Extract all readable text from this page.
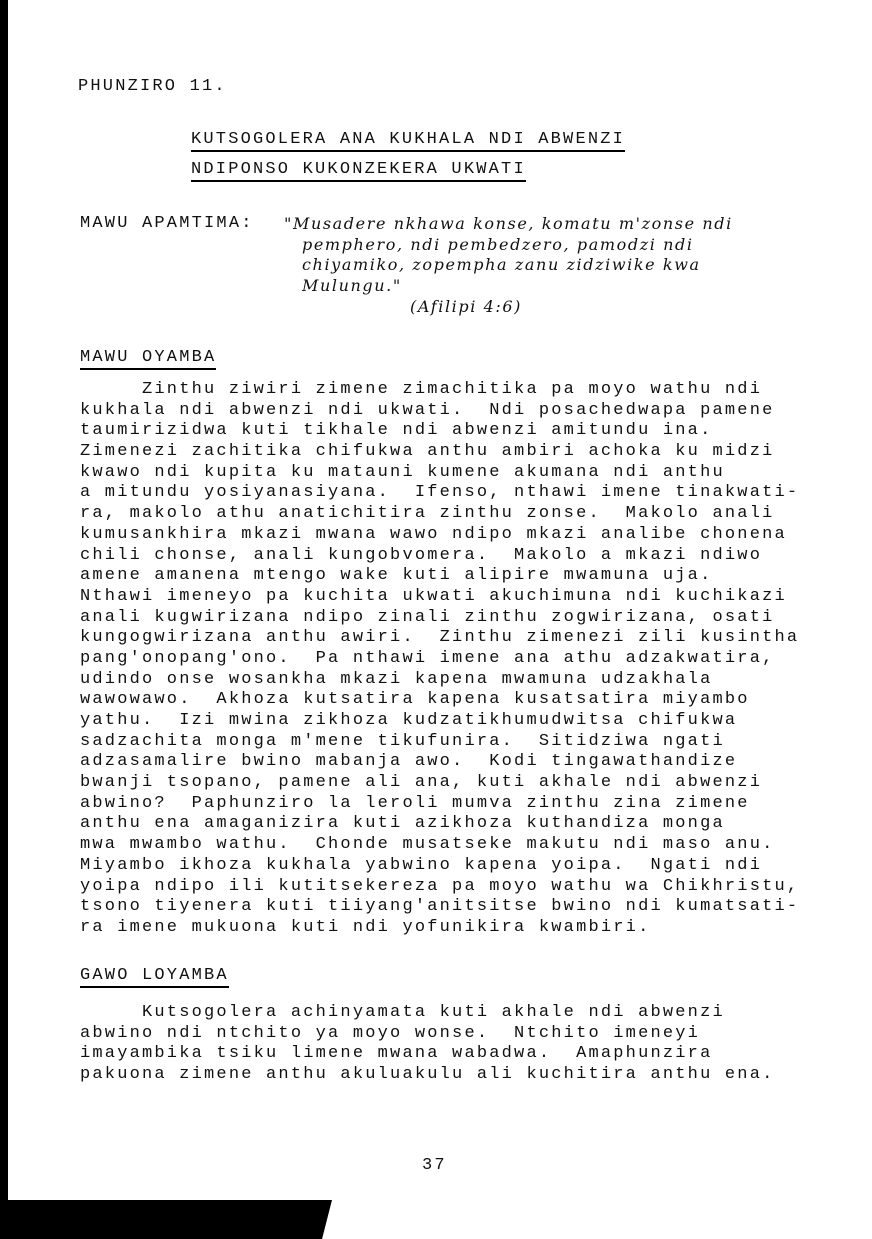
PHUNZIRO 11.
KUTSOGOLERA ANA KUKHALA NDI ABWENZI
NDIPONSO KUKONZEKERA UKWATI
MAWU APAMTIMA: "Musadere nkhawa konse, komatu m'zonse ndi
pemphero, ndi pembedzero, pamodzi ndi
chiyamiko, zopempha zanu zidziwike kwa
Mulungu."
(Afilipi 4:6)
MAWU OYAMBA
Zinthu ziwiri zimene zimachitika pa moyo wathu ndi
kukhala ndi abwenzi ndi ukwati.  Ndi posachedwapa pamene
taumirizidwa kuti tikhale ndi abwenzi amitundu ina.
Zimenezi zachitika chifukwa anthu ambiri achoka ku midzi
kwawo ndi kupita ku matauni kumene akumana ndi anthu
a mitundu yosiyanasiyana.  Ifenso, nthawi imene tinakwati-
ra, makolo athu anatichitira zinthu zonse.  Makolo anali
kumusankhira mkazi mwana wawo ndipo mkazi analibe chonena
chili chonse, anali kungobvomera.  Makolo a mkazi ndiwo
amene amanena mtengo wake kuti alipire mwamuna uja.
Nthawi imeneyo pa kuchita ukwati akuchimuna ndi kuchikazi
anali kugwirizana ndipo zinali zinthu zogwirizana, osati
kungogwirizana anthu awiri.  Zinthu zimenezi zili kusintha
pang'onopang'ono.  Pa nthawi imene ana athu adzakwatira,
udindo onse wosankha mkazi kapena mwamuna udzakhala
wawowawo.  Akhoza kutsatira kapena kusatsatira miyambo
yathu.  Izi mwina zikhoza kudzatikhumudwitsa chifukwa
sadzachita monga m'mene tikufunira.  Sitidziwa ngati
adzasamalire bwino mabanja awo.  Kodi tingawathandize
bwanji tsopano, pamene ali ana, kuti akhale ndi abwenzi
abwino?  Paphunziro la leroli mumva zinthu zina zimene
anthu ena amaganizira kuti azikhoza kuthandiza monga
mwa mwambo wathu.  Chonde musatseke makutu ndi maso anu.
Miyambo ikhoza kukhala yabwino kapena yoipa.  Ngati ndi
yoipa ndipo ili kutitsekereza pa moyo wathu wa Chikhristu,
tsono tiyenera kuti tiiyang'anitsitse bwino ndi kumatsati-
ra imene mukuona kuti ndi yofunikira kwambiri.
GAWO LOYAMBA
Kutsogolera achinyamata kuti akhale ndi abwenzi
abwino ndi ntchito ya moyo wonse.  Ntchito imeneyi
imayambika tsiku limene mwana wabadwa.  Amaphunzira
pakuona zimene anthu akuluakulu ali kuchitira anthu ena.
37
